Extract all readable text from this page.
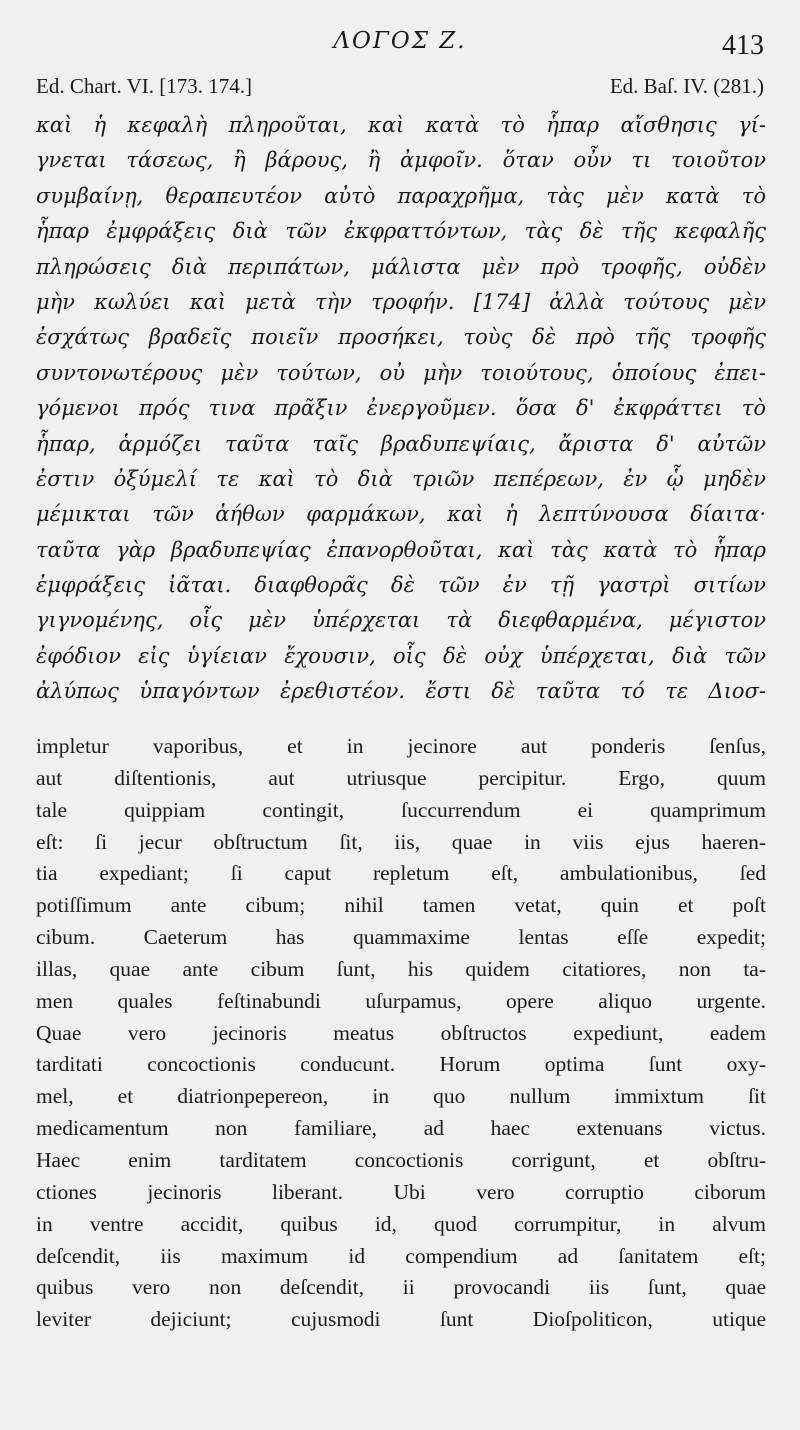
ΛΟΓΟΣ Ζ.	413
Ed. Chart. VI. [173. 174.]	Ed. Baſ. IV. (281.)
καὶ ἡ κεφαλὴ πληροῦται, καὶ κατὰ τὸ ἧπαρ αἴσθησις γί-
γνεται τάσεως, ἢ βάρους, ἢ ἀμφοῖν. ὅταν οὖν τι τοιοῦτον
συμβαίνῃ, θεραπευτέον αὐτὸ παραχρῆμα, τὰς μὲν κατὰ τὸ
ἧπαρ ἐμφράξεις διὰ τῶν ἐκφραττόντων, τὰς δὲ τῆς κεφαλῆς
πληρώσεις διὰ περιπάτων, μάλιστα μὲν πρὸ τροφῆς, οὐδὲν
μὴν κωλύει καὶ μετὰ τὴν τροφήν. [174] ἀλλὰ τούτους μὲν
ἐσχάτως βραδεῖς ποιεῖν προσήκει, τοὺς δὲ πρὸ τῆς τροφῆς
συντονωτέρους μὲν τούτων, οὐ μὴν τοιούτους, ὁποίους ἐπει-
γόμενοι πρός τινα πρᾶξιν ἐνεργοῦμεν. ὅσα δ' ἐκφράττει τὸ
ἧπαρ, ἁρμόζει ταῦτα ταῖς βραδυπεψίαις, ἄριστα δ' αὐτῶν
ἐστιν ὀξύμελί τε καὶ τὸ διὰ τριῶν πεπέρεων, ἐν ᾧ μηδὲν
μέμικται τῶν ἀήθων φαρμάκων, καὶ ἡ λεπτύνουσα δίαιτα·
ταῦτα γὰρ βραδυπεψίας ἐπανορθοῦται, καὶ τὰς κατὰ τὸ ἧπαρ
ἐμφράξεις ἰᾶται. διαφθορᾶς δὲ τῶν ἐν τῇ γαστρὶ σιτίων
γιγνομένης, οἷς μὲν ὑπέρχεται τὰ διεφθαρμένα, μέγιστον
ἐφόδιον εἰς ὑγίειαν ἔχουσιν, οἷς δὲ οὐχ ὑπέρχεται, διὰ τῶν
ἀλύπως ὑπαγόντων ἐρεθιστέον. ἔστι δὲ ταῦτα τό τε Διοσ-
impletur vaporibus, et in jecinore aut ponderis ſenſus,
aut diſtentionis, aut utriusque percipitur. Ergo, quum
tale quippiam contingit, ſuccurrendum ei quamprimum
eſt: ſi jecur obſtructum ſit, iis, quae in viis ejus haeren-
tia expediant; ſi caput repletum eſt, ambulationibus, ſed
potiſſimum ante cibum; nihil tamen vetat, quin et poſt
cibum. Caeterum has quammaxime lentas eſſe expedit;
illas, quae ante cibum ſunt, his quidem citatiores, non ta-
men quales feſtinabundi uſurpamus, opere aliquo urgente.
Quae vero jecinoris meatus obſtructos expediunt, eadem
tarditati concoctionis conducunt. Horum optima ſunt oxy-
mel, et diatrionpepereon, in quo nullum immixtum ſit
medicamentum non familiare, ad haec extenuans victus.
Haec enim tarditatem concoctionis corrigunt, et obſtru-
ctiones jecinoris liberant. Ubi vero corruptio ciborum
in ventre accidit, quibus id, quod corrumpitur, in alvum
deſcendit, iis maximum id compendium ad ſanitatem eſt;
quibus vero non deſcendit, ii provocandi iis ſunt, quae
leviter dejiciunt; cujusmodi ſunt Dioſpoliticon, utique
